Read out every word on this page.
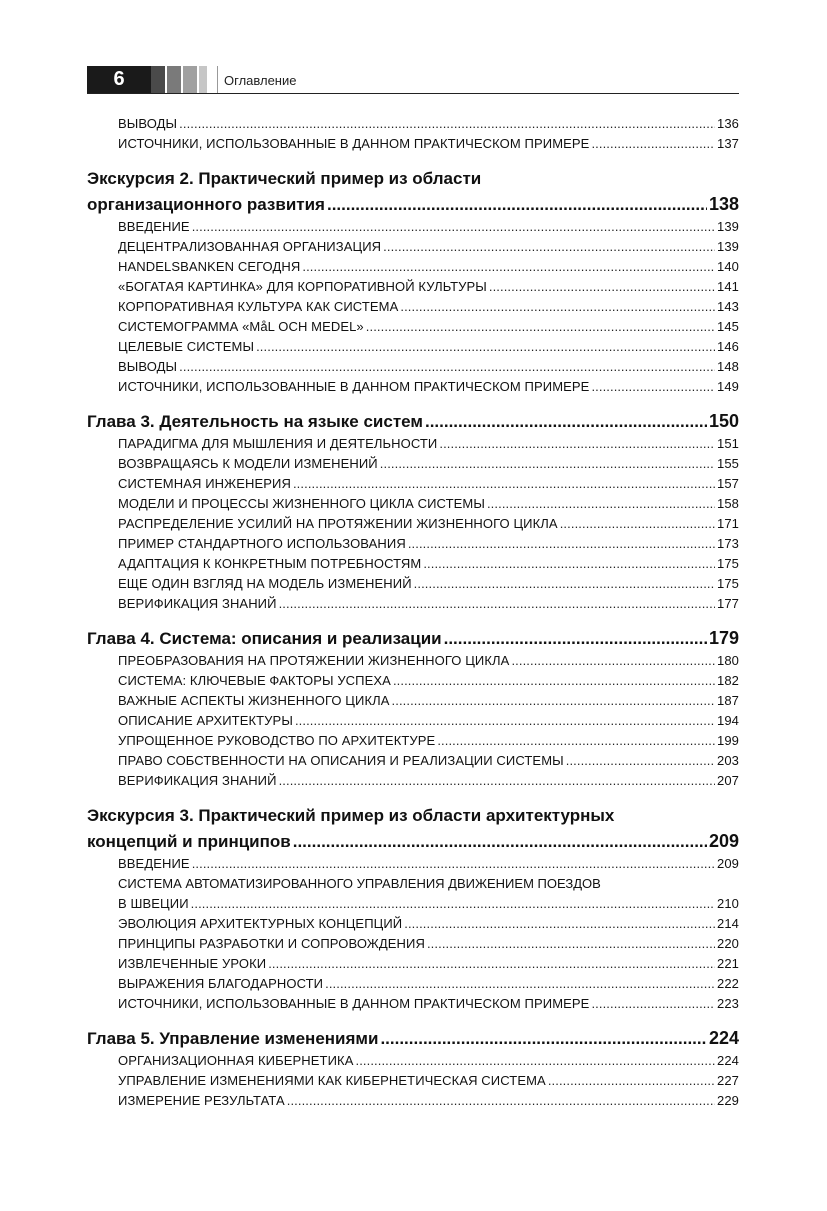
6	Оглавление
ВЫВОДЫ .....	136
ИСТОЧНИКИ, ИСПОЛЬЗОВАННЫЕ В ДАННОМ ПРАКТИЧЕСКОМ ПРИМЕРЕ .....	137
Экскурсия 2. Практический пример из области
организационного развития .....	138
ВВЕДЕНИЕ .....	139
ДЕЦЕНТРАЛИЗОВАННАЯ ОРГАНИЗАЦИЯ .....	139
HANDELSBANKEN СЕГОДНЯ .....	140
«БОГАТАЯ КАРТИНКА» ДЛЯ КОРПОРАТИВНОЙ КУЛЬТУРЫ .....	141
КОРПОРАТИВНАЯ КУЛЬТУРА КАК СИСТЕМА .....	143
СИСТЕМОГРАММА «MåL OCH MEDEL» .....	145
ЦЕЛЕВЫЕ СИСТЕМЫ .....	146
ВЫВОДЫ .....	148
ИСТОЧНИКИ, ИСПОЛЬЗОВАННЫЕ В ДАННОМ ПРАКТИЧЕСКОМ ПРИМЕРЕ .....	149
Глава 3. Деятельность на языке систем .....	150
ПАРАДИГМА ДЛЯ МЫШЛЕНИЯ И ДЕЯТЕЛЬНОСТИ .....	151
ВОЗВРАЩАЯСЬ К МОДЕЛИ ИЗМЕНЕНИЙ .....	155
СИСТЕМНАЯ ИНЖЕНЕРИЯ .....	157
МОДЕЛИ И ПРОЦЕССЫ ЖИЗНЕННОГО ЦИКЛА СИСТЕМЫ .....	158
РАСПРЕДЕЛЕНИЕ УСИЛИЙ НА ПРОТЯЖЕНИИ ЖИЗНЕННОГО ЦИКЛА .....	171
ПРИМЕР СТАНДАРТНОГО ИСПОЛЬЗОВАНИЯ .....	173
АДАПТАЦИЯ К КОНКРЕТНЫМ ПОТРЕБНОСТЯМ .....	175
ЕЩЕ ОДИН ВЗГЛЯД НА МОДЕЛЬ ИЗМЕНЕНИЙ .....	175
ВЕРИФИКАЦИЯ ЗНАНИЙ .....	177
Глава 4. Система: описания и реализации .....	179
ПРЕОБРАЗОВАНИЯ НА ПРОТЯЖЕНИИ ЖИЗНЕННОГО ЦИКЛА .....	180
СИСТЕМА: КЛЮЧЕВЫЕ ФАКТОРЫ УСПЕХА .....	182
ВАЖНЫЕ АСПЕКТЫ ЖИЗНЕННОГО ЦИКЛА .....	187
ОПИСАНИЕ АРХИТЕКТУРЫ .....	194
УПРОЩЕННОЕ РУКОВОДСТВО ПО АРХИТЕКТУРЕ .....	199
ПРАВО СОБСТВЕННОСТИ НА ОПИСАНИЯ И РЕАЛИЗАЦИИ СИСТЕМЫ .....	203
ВЕРИФИКАЦИЯ ЗНАНИЙ .....	207
Экскурсия 3. Практический пример из области архитектурных
концепций и принципов .....	209
ВВЕДЕНИЕ .....	209
СИСТЕМА АВТОМАТИЗИРОВАННОГО УПРАВЛЕНИЯ ДВИЖЕНИЕМ ПОЕЗДОВ
В ШВЕЦИИ .....	210
ЭВОЛЮЦИЯ АРХИТЕКТУРНЫХ КОНЦЕПЦИЙ .....	214
ПРИНЦИПЫ РАЗРАБОТКИ И СОПРОВОЖДЕНИЯ .....	220
ИЗВЛЕЧЕННЫЕ УРОКИ .....	221
ВЫРАЖЕНИЯ БЛАГОДАРНОСТИ .....	222
ИСТОЧНИКИ, ИСПОЛЬЗОВАННЫЕ В ДАННОМ ПРАКТИЧЕСКОМ ПРИМЕРЕ .....	223
Глава 5. Управление изменениями .....	224
ОРГАНИЗАЦИОННАЯ КИБЕРНЕТИКА .....	224
УПРАВЛЕНИЕ ИЗМЕНЕНИЯМИ КАК КИБЕРНЕТИЧЕСКАЯ СИСТЕМА .....	227
ИЗМЕРЕНИЕ РЕЗУЛЬТАТА .....	229
